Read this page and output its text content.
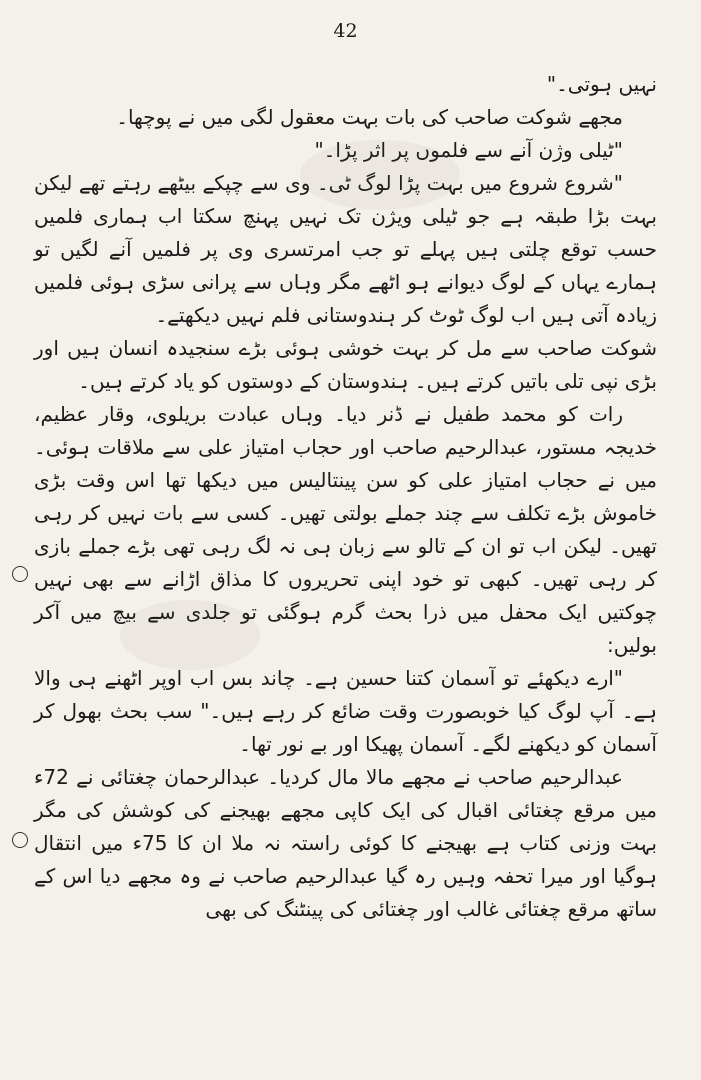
42

نہیں ہوتی۔"

مجھے شوکت صاحب کی بات بہت معقول لگی میں نے پوچھا۔

"ٹیلی وژن آنے سے فلموں پر اثر پڑا۔"

"شروع شروع میں بہت پڑا لوگ ٹی۔ وی سے چپکے بیٹھے رہتے تھے لیکن بہت بڑا طبقہ ہے جو ٹیلی ویژن تک نہیں پہنچ سکتا اب ہماری فلمیں حسب توقع چلتی ہیں پہلے تو جب امرتسری وی پر فلمیں آنے لگیں تو ہمارے یہاں کے لوگ دیوانے ہو اٹھے مگر وہاں سے پرانی سڑی ہوئی فلمیں زیادہ آتی ہیں اب لوگ ٹوٹ کر ہندوستانی فلم نہیں دیکھتے۔

شوکت صاحب سے مل کر بہت خوشی ہوئی بڑے سنجیدہ انسان ہیں اور بڑی نپی تلی باتیں کرتے ہیں۔ ہندوستان کے دوستوں کو یاد کرتے ہیں۔

رات کو محمد طفیل نے ڈنر دیا۔ وہاں عبادت بریلوی، وقار عظیم، خدیجہ مستور، عبدالرحیم صاحب اور حجاب امتیاز علی سے ملاقات ہوئی۔ میں نے حجاب امتیاز علی کو سن پینتالیس میں دیکھا تھا اس وقت بڑی خاموش بڑے تکلف سے چند جملے بولتی تھیں۔ کسی سے بات نہیں کر رہی تھیں۔ لیکن اب تو ان کے تالو سے زبان ہی نہ لگ رہی تھی بڑے جملے بازی کر رہی تھیں۔ کبھی تو خود اپنی تحریروں کا مذاق اڑانے سے بھی نہیں چوکتیں ایک محفل میں ذرا بحث گرم ہوگئی تو جلدی سے بیچ میں آکر بولیں:

"ارے دیکھئے تو آسمان کتنا حسین ہے۔ چاند بس اب اوپر اٹھنے ہی والا ہے۔ آپ لوگ کیا خوبصورت وقت ضائع کر رہے ہیں۔" سب بحث بھول کر آسمان کو دیکھنے لگے۔ آسمان پھیکا اور بے نور تھا۔

عبدالرحیم صاحب نے مجھے مالا مال کردیا۔ عبدالرحمان چغتائی نے 72ء میں مرقع چغتائی اقبال کی ایک کاپی مجھے بھیجنے کی کوشش کی مگر بہت وزنی کتاب ہے بھیجنے کا کوئی راستہ نہ ملا ان کا 75ء میں انتقال ہوگیا اور میرا تحفہ وہیں رہ گیا عبدالرحیم صاحب نے وہ مجھے دیا اس کے ساتھ مرقع چغتائی غالب اور چغتائی کی پینٹنگ کی بھی
